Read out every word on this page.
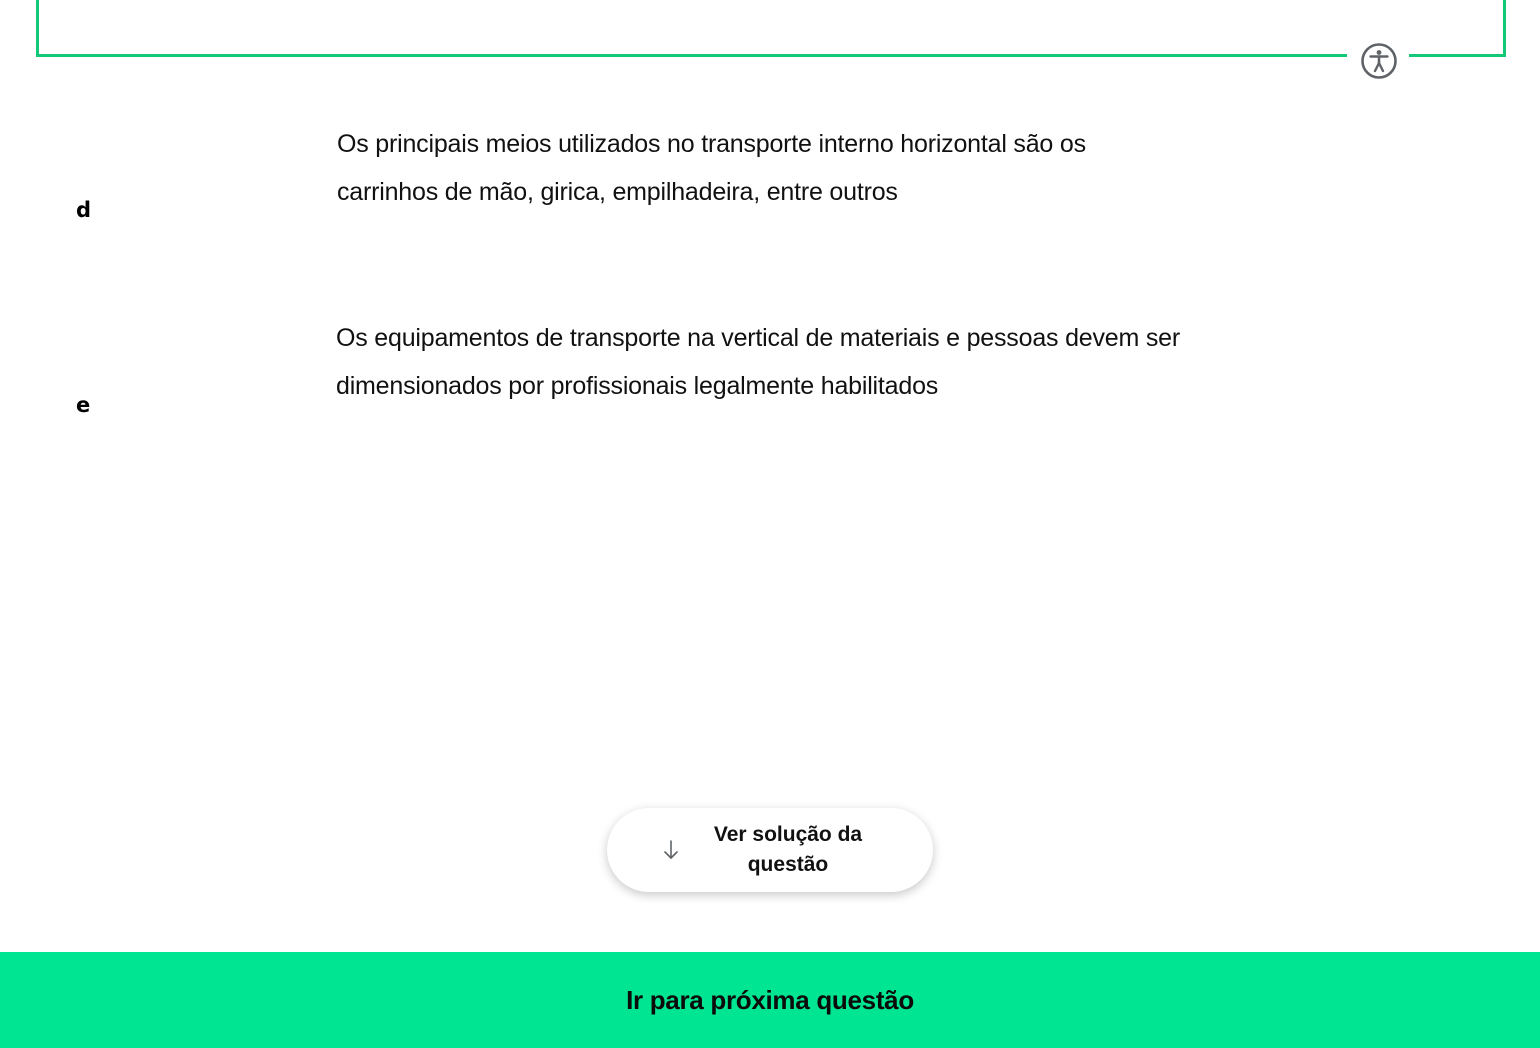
d
Os principais meios utilizados no transporte interno horizontal são os
carrinhos de mão, girica, empilhadeira, entre outros
e
Os equipamentos de transporte na vertical de materiais e pessoas devem ser
dimensionados por profissionais legalmente habilitados
Ver solução da
questão
Ir para próxima questão
